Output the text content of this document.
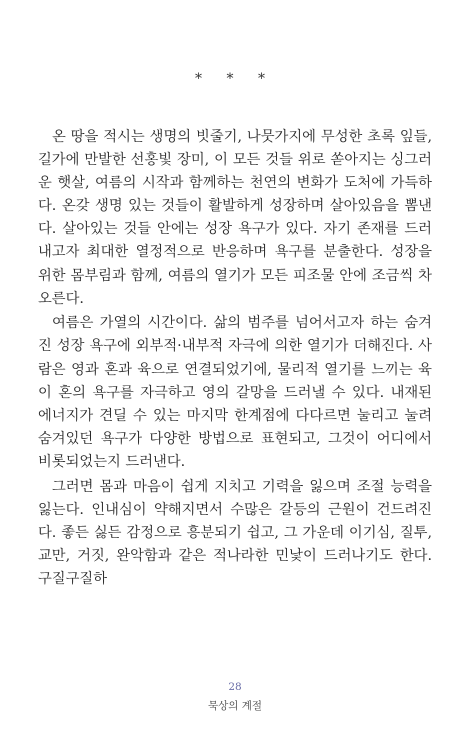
* * *

온 땅을 적시는 생명의 빗줄기, 나뭇가지에 무성한 초록 잎들, 길가에 만발한 선홍빛 장미, 이 모든 것들 위로 쏟아지는 싱그러운 햇살, 여름의 시작과 함께하는 천연의 변화가 도처에 가득하다. 온갖 생명 있는 것들이 활발하게 성장하며 살아있음을 뽐낸다. 살아있는 것들 안에는 성장 욕구가 있다. 자기 존재를 드러내고자 최대한 열정적으로 반응하며 욕구를 분출한다. 성장을 위한 몸부림과 함께, 여름의 열기가 모든 피조물 안에 조금씩 차오른다.

여름은 가열의 시간이다. 삶의 범주를 넘어서고자 하는 숨겨진 성장 욕구에 외부적·내부적 자극에 의한 열기가 더해진다. 사람은 영과 혼과 육으로 연결되었기에, 물리적 열기를 느끼는 육이 혼의 욕구를 자극하고 영의 갈망을 드러낼 수 있다. 내재된 에너지가 견딜 수 있는 마지막 한계점에 다다르면 눌리고 눌려 숨겨있던 욕구가 다양한 방법으로 표현되고, 그것이 어디에서 비롯되었는지 드러낸다.

그러면 몸과 마음이 쉽게 지치고 기력을 잃으며 조절 능력을 잃는다. 인내심이 약해지면서 수많은 갈등의 근원이 건드려진다. 좋든 싫든 감정으로 흥분되기 쉽고, 그 가운데 이기심, 질투, 교만, 거짓, 완악함과 같은 적나라한 민낯이 드러나기도 한다. 구질구질하

28
묵상의 계절
